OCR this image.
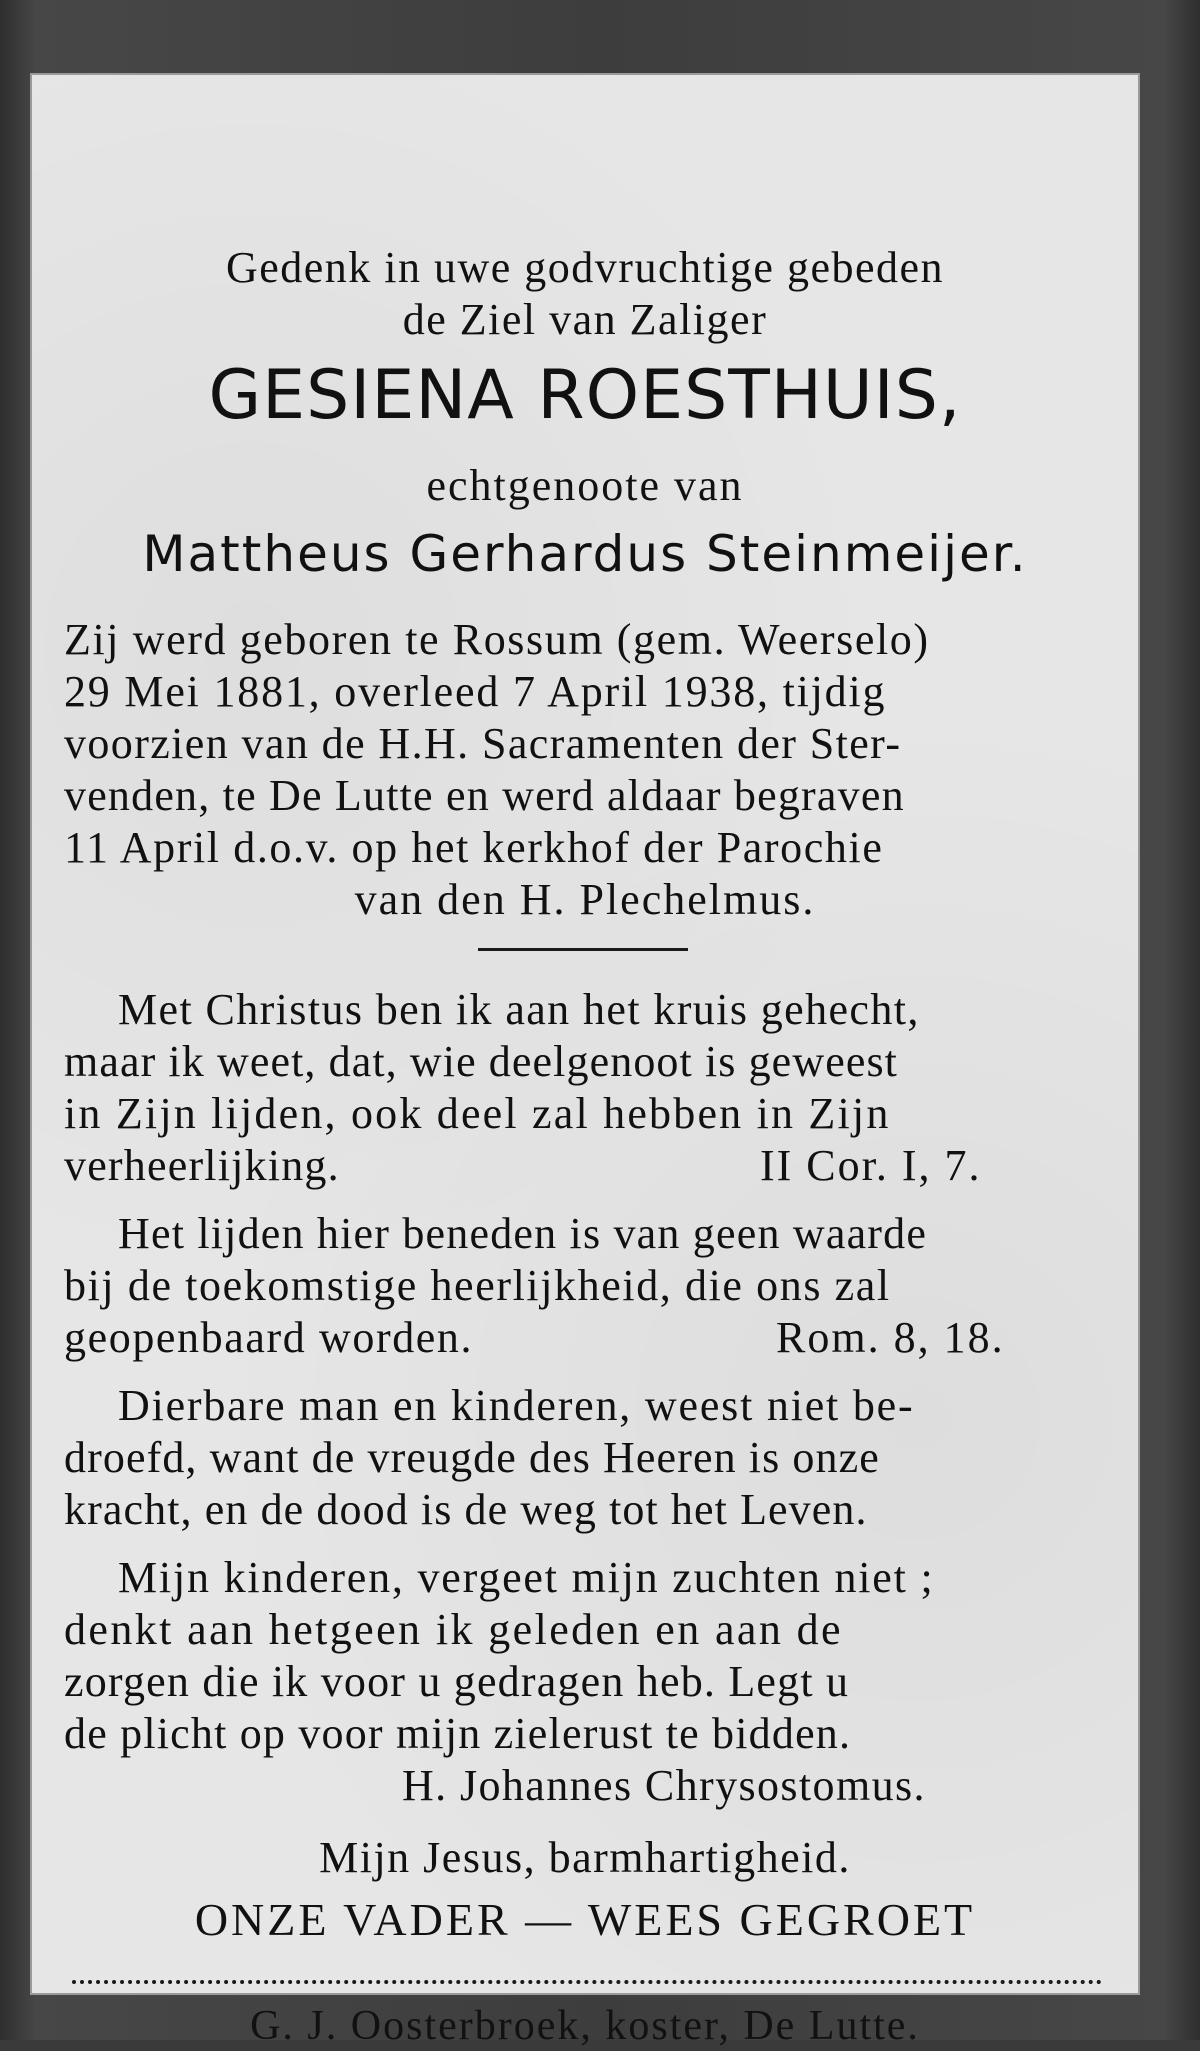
Gedenk in uwe godvruchtige gebeden
de Ziel van Zaliger
GESIENA ROESTHUIS,
echtgenoote van
Mattheus Gerhardus Steinmeijer.
Zij werd geboren te Rossum (gem. Weerselo)
29 Mei 1881, overleed 7 April 1938, tijdig
voorzien van de H.H. Sacramenten der Ster-
venden, te De Lutte en werd aldaar begraven
11 April d.o.v. op het kerkhof der Parochie
van den H. Plechelmus.
Met Christus ben ik aan het kruis gehecht,
maar ik weet, dat, wie deelgenoot is geweest
in Zijn lijden, ook deel zal hebben in Zijn
verheerlijking.	II Cor. I, 7.
Het lijden hier beneden is van geen waarde
bij de toekomstige heerlijkheid, die ons zal
geopenbaard worden.	Rom. 8, 18.
Dierbare man en kinderen, weest niet be-
droefd, want de vreugde des Heeren is onze
kracht, en de dood is de weg tot het Leven.
Mijn kinderen, vergeet mijn zuchten niet ;
denkt aan hetgeen ik geleden en aan de
zorgen die ik voor u gedragen heb. Legt u
de plicht op voor mijn zielerust te bidden.
H. Johannes Chrysostomus.
Mijn Jesus, barmhartigheid.
ONZE VADER — WEES GEGROET
G. J. Oosterbroek, koster, De Lutte.
